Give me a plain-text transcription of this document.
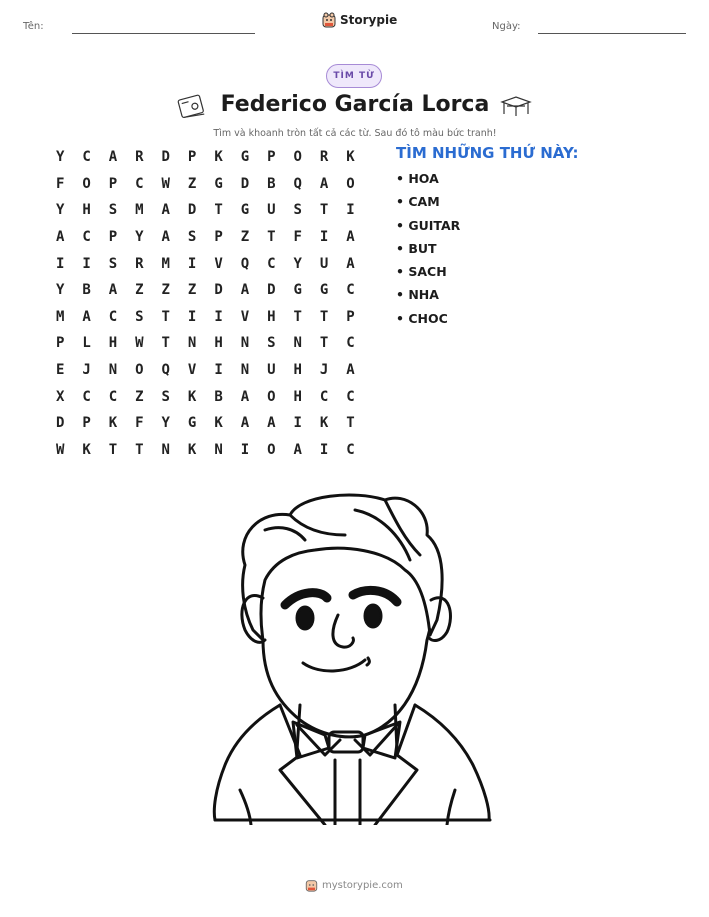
Tên:	Storypie	Ngày:
TÌM TỪ
Federico García Lorca
Tìm và khoanh tròn tất cả các từ. Sau đó tô màu bức tranh!
Y	C	A	R	D	P	K	G	P	O	R	K
F	O	P	C	W	Z	G	D	B	Q	A	O
Y	H	S	M	A	D	T	G	U	S	T	I
A	C	P	Y	A	S	P	Z	T	F	I	A
I	I	S	R	M	I	V	Q	C	Y	U	A
Y	B	A	Z	Z	Z	D	A	D	G	G	C
M	A	C	S	T	I	I	V	H	T	T	P
P	L	H	W	T	N	H	N	S	N	T	C
E	J	N	O	Q	V	I	N	U	H	J	A
X	C	C	Z	S	K	B	A	O	H	C	C
D	P	K	F	Y	G	K	A	A	I	K	T
W	K	T	T	N	K	N	I	O	A	I	C
TÌM NHỮNG THỨ NÀY:
• HOA
• CAM
• GUITAR
• BUT
• SACH
• NHA
• CHOC
mystorypie.com
